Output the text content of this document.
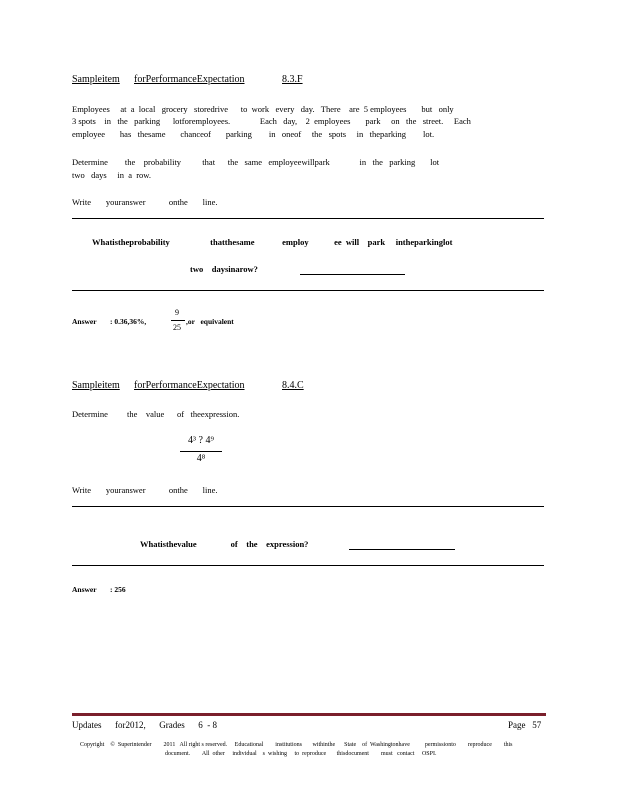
Sampleitem forPerformanceExpectation	8.3.F
Employees     at  a  local   grocery   storedrive      to  work   every   day.   There    are  5 employees       but   only
3 spots    in   the   parking      lotforemployees.              Each   day,    2  employees       park     on   the   street.     Each
employee       has   thesame       chanceof       parking        in   oneof     the   spots     in   theparking        lot.
Determine        the    probability          that      the   same   employeewillpark              in   the   parking       lot
two   days     in  a  row.
Write       youranswer           onthe       line.
Whatistheprobability                   thatthesame             employ            ee  will    park     intheparkinglot
two    daysinarow?
Answer : 0.36,36%,
9
25
,or   equivalent
Sampleitem forPerformanceExpectation	8.4.C
Determine         the    value      of   theexpression.
4³ ? 4⁹
4⁸
Write       youranswer           onthe       line.
Whatisthevalue                of    the    expression?
Answer : 256
Updates      for2012,      Grades      6  - 8	Page   57
Copyright    ©  Superintender        2011   All right s reserved.     Educational        institutions       withinthe      State    of  Washingtonhave          permissionto        reproduce        this
document.        All  other     individual    s  wishing     to  reproduce       thisdocument        must   contact     OSPI.
